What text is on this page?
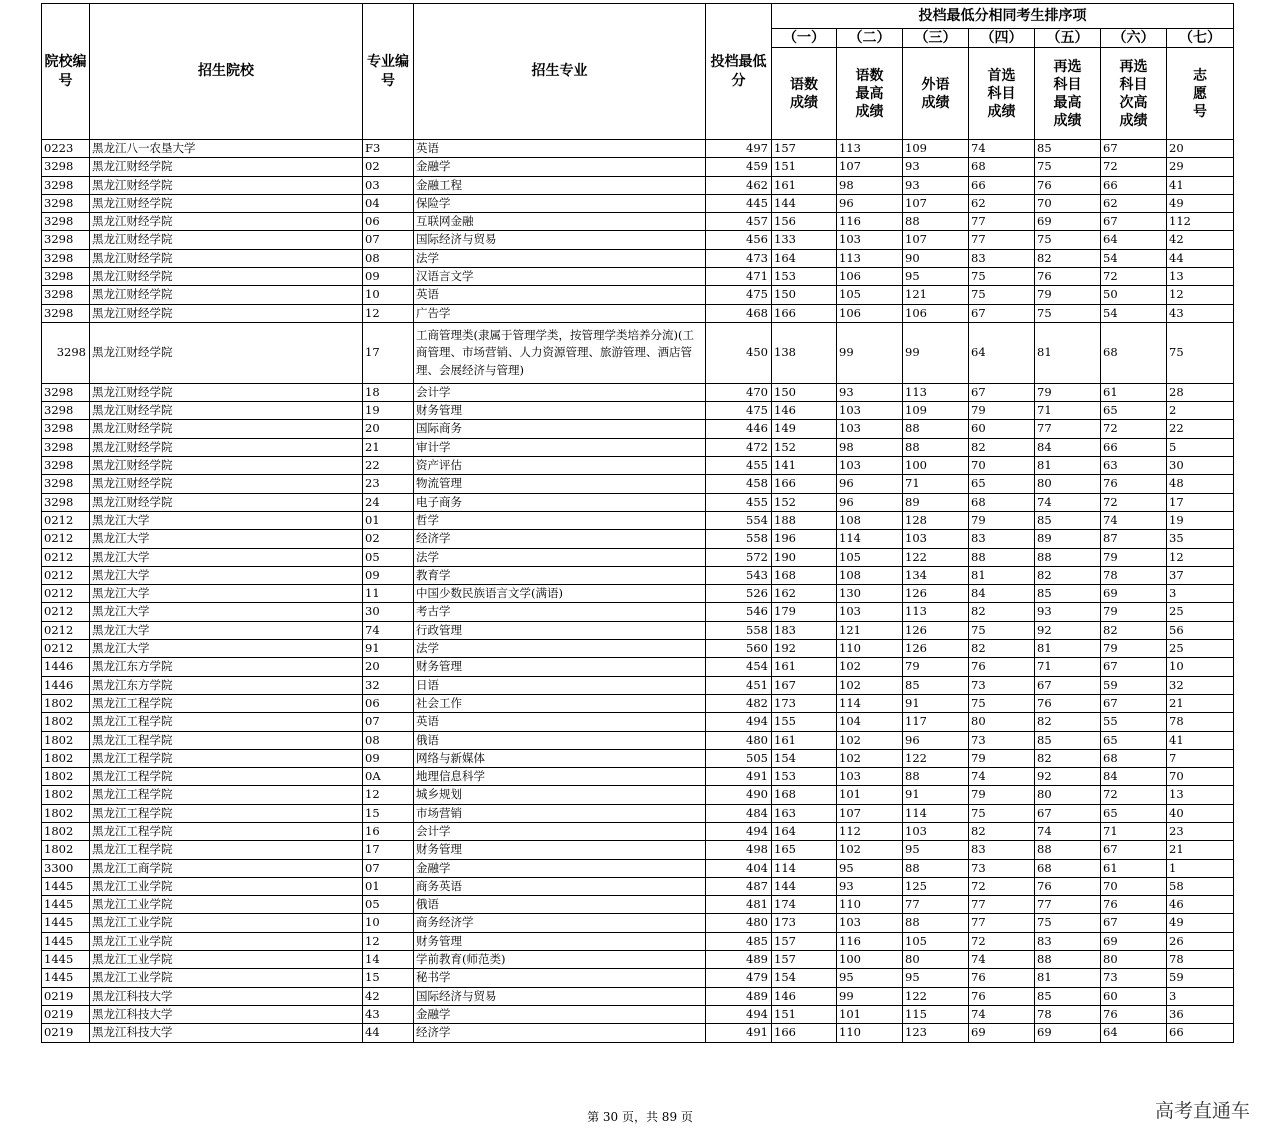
院校编号	招生院校	专业编号	招生专业	投档最低分	投档最低分相同考生排序项						
					（一）	（二）	（三）	（四）	（五）	（六）	（七）
					语数成绩	语数最高成绩	外语成绩	首选科目成绩	再选科目最高成绩	再选科目次高成绩	志愿号
0223	黑龙江八一农垦大学	F3	英语	497	157	113	109	74	85	67	20
3298	黑龙江财经学院	02	金融学	459	151	107	93	68	75	72	29
3298	黑龙江财经学院	03	金融工程	462	161	98	93	66	76	66	41
3298	黑龙江财经学院	04	保险学	445	144	96	107	62	70	62	49
3298	黑龙江财经学院	06	互联网金融	457	156	116	88	77	69	67	112
3298	黑龙江财经学院	07	国际经济与贸易	456	133	103	107	77	75	64	42
3298	黑龙江财经学院	08	法学	473	164	113	90	83	82	54	44
3298	黑龙江财经学院	09	汉语言文学	471	153	106	95	75	76	72	13
3298	黑龙江财经学院	10	英语	475	150	105	121	75	79	50	12
3298	黑龙江财经学院	12	广告学	468	166	106	106	67	75	54	43
3298	黑龙江财经学院	17	工商管理类(隶属于管理学类，按管理学类培养分流)(工商管理、市场营销、人力资源管理、旅游管理、酒店管理、会展经济与管理)	450	138	99	99	64	81	68	75
3298	黑龙江财经学院	18	会计学	470	150	93	113	67	79	61	28
3298	黑龙江财经学院	19	财务管理	475	146	103	109	79	71	65	2
3298	黑龙江财经学院	20	国际商务	446	149	103	88	60	77	72	22
3298	黑龙江财经学院	21	审计学	472	152	98	88	82	84	66	5
3298	黑龙江财经学院	22	资产评估	455	141	103	100	70	81	63	30
3298	黑龙江财经学院	23	物流管理	458	166	96	71	65	80	76	48
3298	黑龙江财经学院	24	电子商务	455	152	96	89	68	74	72	17
0212	黑龙江大学	01	哲学	554	188	108	128	79	85	74	19
0212	黑龙江大学	02	经济学	558	196	114	103	83	89	87	35
0212	黑龙江大学	05	法学	572	190	105	122	88	88	79	12
0212	黑龙江大学	09	教育学	543	168	108	134	81	82	78	37
0212	黑龙江大学	11	中国少数民族语言文学(满语)	526	162	130	126	84	85	69	3
0212	黑龙江大学	30	考古学	546	179	103	113	82	93	79	25
0212	黑龙江大学	74	行政管理	558	183	121	126	75	92	82	56
0212	黑龙江大学	91	法学	560	192	110	126	82	81	79	25
1446	黑龙江东方学院	20	财务管理	454	161	102	79	76	71	67	10
1446	黑龙江东方学院	32	日语	451	167	102	85	73	67	59	32
1802	黑龙江工程学院	06	社会工作	482	173	114	91	75	76	67	21
1802	黑龙江工程学院	07	英语	494	155	104	117	80	82	55	78
1802	黑龙江工程学院	08	俄语	480	161	102	96	73	85	65	41
1802	黑龙江工程学院	09	网络与新媒体	505	154	102	122	79	82	68	7
1802	黑龙江工程学院	0A	地理信息科学	491	153	103	88	74	92	84	70
1802	黑龙江工程学院	12	城乡规划	490	168	101	91	79	80	72	13
1802	黑龙江工程学院	15	市场营销	484	163	107	114	75	67	65	40
1802	黑龙江工程学院	16	会计学	494	164	112	103	82	74	71	23
1802	黑龙江工程学院	17	财务管理	498	165	102	95	83	88	67	21
3300	黑龙江工商学院	07	金融学	404	114	95	88	73	68	61	1
1445	黑龙江工业学院	01	商务英语	487	144	93	125	72	76	70	58
1445	黑龙江工业学院	05	俄语	481	174	110	77	77	77	76	46
1445	黑龙江工业学院	10	商务经济学	480	173	103	88	77	75	67	49
1445	黑龙江工业学院	12	财务管理	485	157	116	105	72	83	69	26
1445	黑龙江工业学院	14	学前教育(师范类)	489	157	100	80	74	88	80	78
1445	黑龙江工业学院	15	秘书学	479	154	95	95	76	81	73	59
0219	黑龙江科技大学	42	国际经济与贸易	489	146	99	122	76	85	60	3
0219	黑龙江科技大学	43	金融学	494	151	101	115	74	78	76	36
0219	黑龙江科技大学	44	经济学	491	166	110	123	69	69	64	66
第 30 页，共 89 页	高考直通车
